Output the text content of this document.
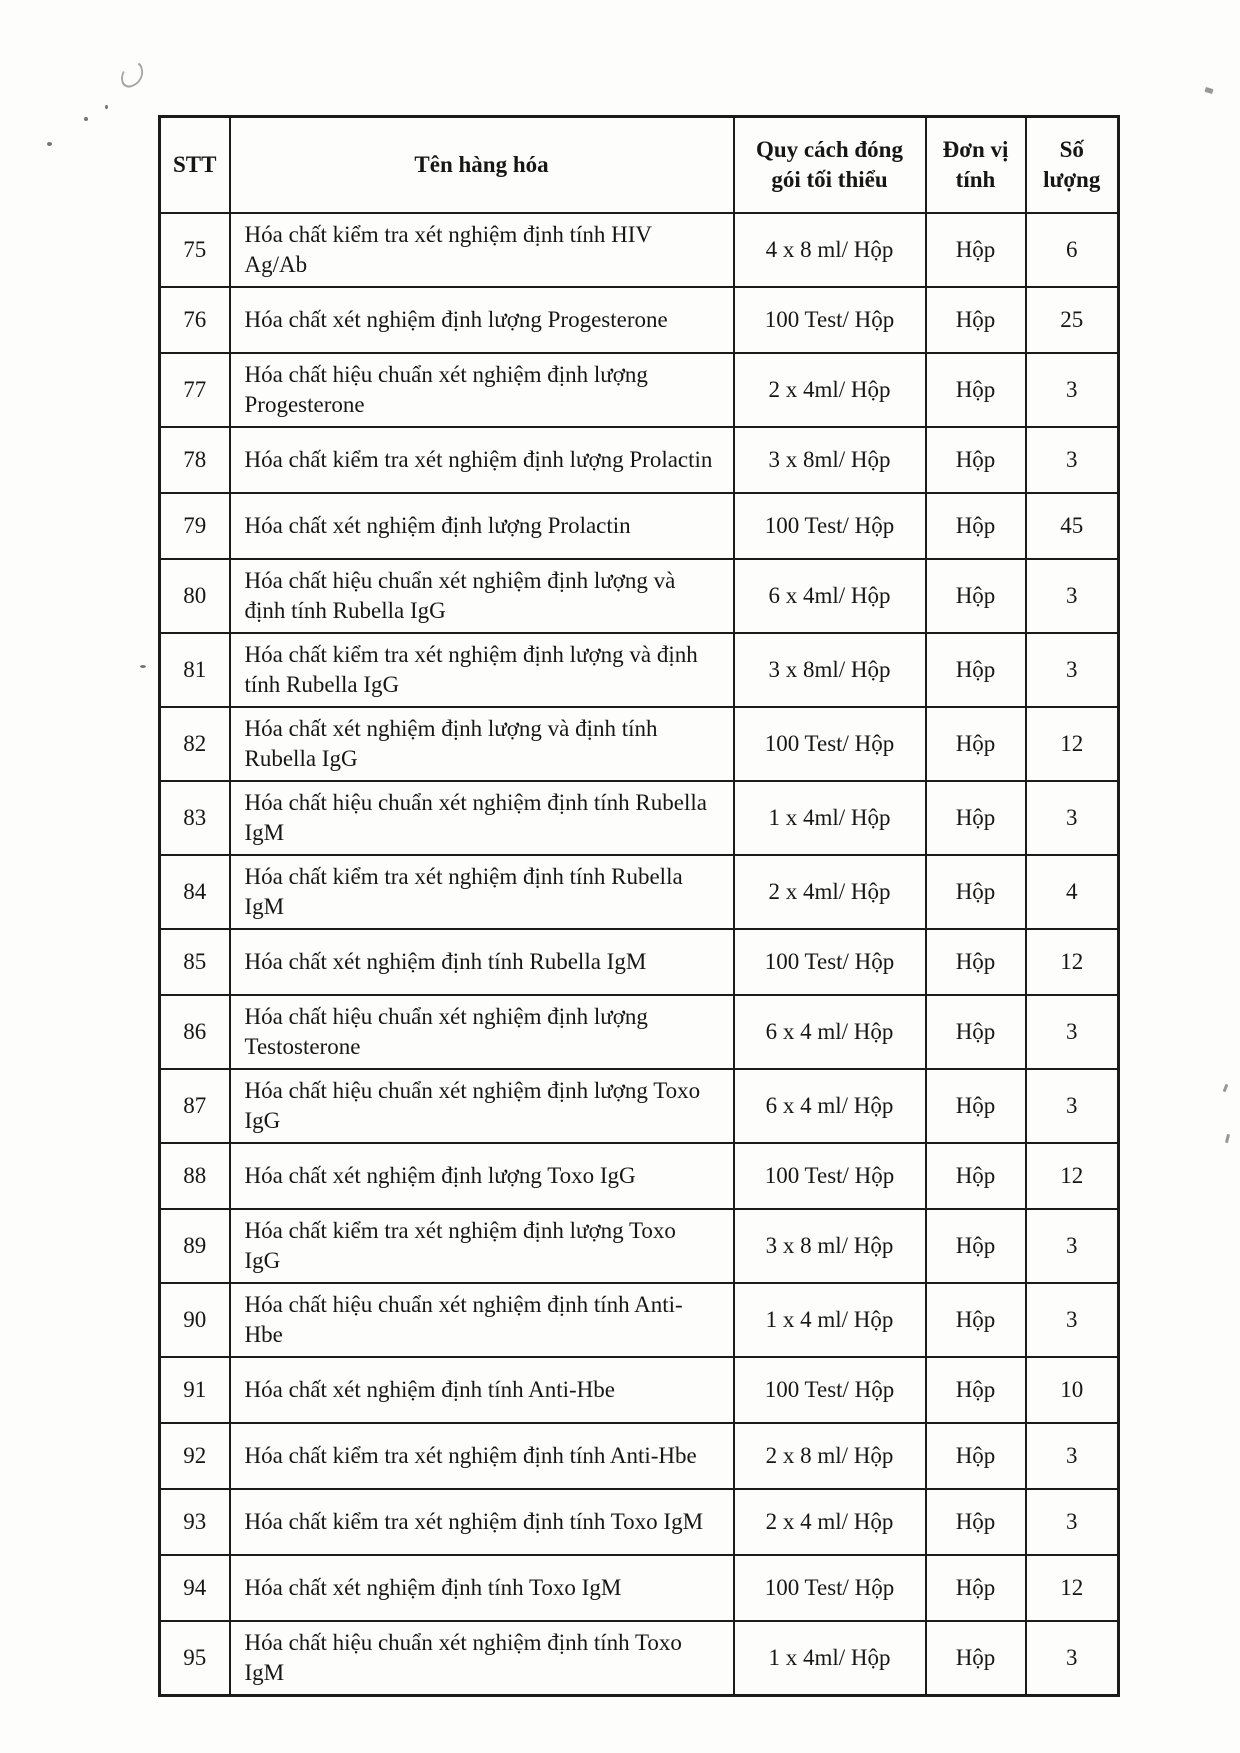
STT	Tên hàng hóa	Quy cách đóng gói tối thiểu	Đơn vị tính	Số lượng
75	Hóa chất kiểm tra xét nghiệm định tính HIV Ag/Ab	4 x 8 ml/ Hộp	Hộp	6
76	Hóa chất xét nghiệm định lượng Progesterone	100 Test/ Hộp	Hộp	25
77	Hóa chất hiệu chuẩn xét nghiệm định lượng Progesterone	2 x 4ml/ Hộp	Hộp	3
78	Hóa chất kiểm tra xét nghiệm định lượng Prolactin	3 x 8ml/ Hộp	Hộp	3
79	Hóa chất xét nghiệm định lượng Prolactin	100 Test/ Hộp	Hộp	45
80	Hóa chất hiệu chuẩn xét nghiệm định lượng và định tính Rubella IgG	6 x 4ml/ Hộp	Hộp	3
81	Hóa chất kiểm tra xét nghiệm định lượng và định tính Rubella IgG	3 x 8ml/ Hộp	Hộp	3
82	Hóa chất xét nghiệm định lượng và định tính Rubella IgG	100 Test/ Hộp	Hộp	12
83	Hóa chất hiệu chuẩn xét nghiệm định tính Rubella IgM	1 x 4ml/ Hộp	Hộp	3
84	Hóa chất kiểm tra xét nghiệm định tính Rubella IgM	2 x 4ml/ Hộp	Hộp	4
85	Hóa chất xét nghiệm định tính Rubella IgM	100 Test/ Hộp	Hộp	12
86	Hóa chất hiệu chuẩn xét nghiệm định lượng Testosterone	6 x 4 ml/ Hộp	Hộp	3
87	Hóa chất hiệu chuẩn xét nghiệm định lượng Toxo IgG	6 x 4 ml/ Hộp	Hộp	3
88	Hóa chất xét nghiệm định lượng Toxo IgG	100 Test/ Hộp	Hộp	12
89	Hóa chất kiểm tra xét nghiệm định lượng Toxo IgG	3 x 8 ml/ Hộp	Hộp	3
90	Hóa chất hiệu chuẩn xét nghiệm định tính Anti-Hbe	1 x 4 ml/ Hộp	Hộp	3
91	Hóa chất xét nghiệm định tính Anti-Hbe	100 Test/ Hộp	Hộp	10
92	Hóa chất kiểm tra xét nghiệm định tính Anti-Hbe	2 x 8 ml/ Hộp	Hộp	3
93	Hóa chất kiểm tra xét nghiệm định tính Toxo IgM	2 x 4 ml/ Hộp	Hộp	3
94	Hóa chất xét nghiệm định tính Toxo IgM	100 Test/ Hộp	Hộp	12
95	Hóa chất hiệu chuẩn xét nghiệm định tính Toxo IgM	1 x 4ml/ Hộp	Hộp	3
